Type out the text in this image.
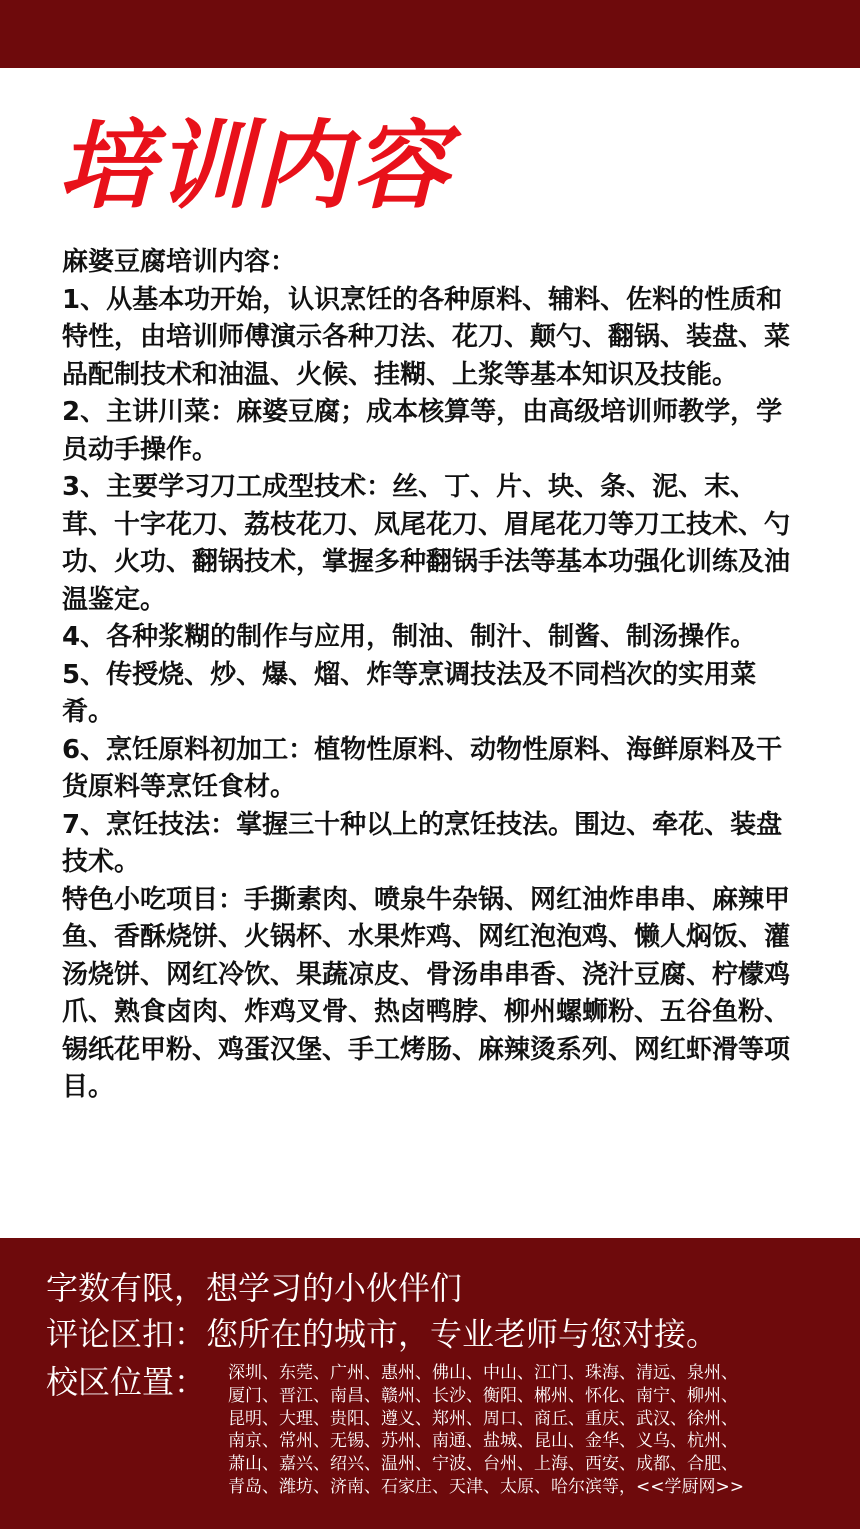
培训内容

麻婆豆腐培训内容：

1、从基本功开始，认识烹饪的各种原料、辅料、佐料的性质和特性，由培训师傅演示各种刀法、花刀、颠勺、翻锅、装盘、菜品配制技术和油温、火候、挂糊、上浆等基本知识及技能。

2、主讲川菜：麻婆豆腐；成本核算等，由高级培训师教学，学员动手操作。

3、主要学习刀工成型技术：丝、丁、片、块、条、泥、末、茸、十字花刀、荔枝花刀、凤尾花刀、眉尾花刀等刀工技术、勺功、火功、翻锅技术，掌握多种翻锅手法等基本功强化训练及油温鉴定。

4、各种浆糊的制作与应用，制油、制汁、制酱、制汤操作。

5、传授烧、炒、爆、熘、炸等烹调技法及不同档次的实用菜肴。

6、烹饪原料初加工：植物性原料、动物性原料、海鲜原料及干货原料等烹饪食材。

7、烹饪技法：掌握三十种以上的烹饪技法。围边、牵花、装盘技术。

特色小吃项目：手撕素肉、喷泉牛杂锅、网红油炸串串、麻辣甲鱼、香酥烧饼、火锅杯、水果炸鸡、网红泡泡鸡、懒人焖饭、灌汤烧饼、网红冷饮、果蔬凉皮、骨汤串串香、浇汁豆腐、柠檬鸡爪、熟食卤肉、炸鸡叉骨、热卤鸭脖、柳州螺蛳粉、五谷鱼粉、锡纸花甲粉、鸡蛋汉堡、手工烤肠、麻辣烫系列、网红虾滑等项目。

字数有限，想学习的小伙伴们
评论区扣：您所在的城市，专业老师与您对接。
校区位置： 深圳、东莞、广州、惠州、佛山、中山、江门、珠海、清远、泉州、

厦门、晋江、南昌、赣州、长沙、衡阳、郴州、怀化、南宁、柳州、

昆明、大理、贵阳、遵义、郑州、周口、商丘、重庆、武汉、徐州、

南京、常州、无锡、苏州、南通、盐城、昆山、金华、义乌、杭州、

萧山、嘉兴、绍兴、温州、宁波、台州、上海、西安、成都、合肥、

青岛、潍坊、济南、石家庄、天津、太原、哈尔滨等，<<学厨网>>
